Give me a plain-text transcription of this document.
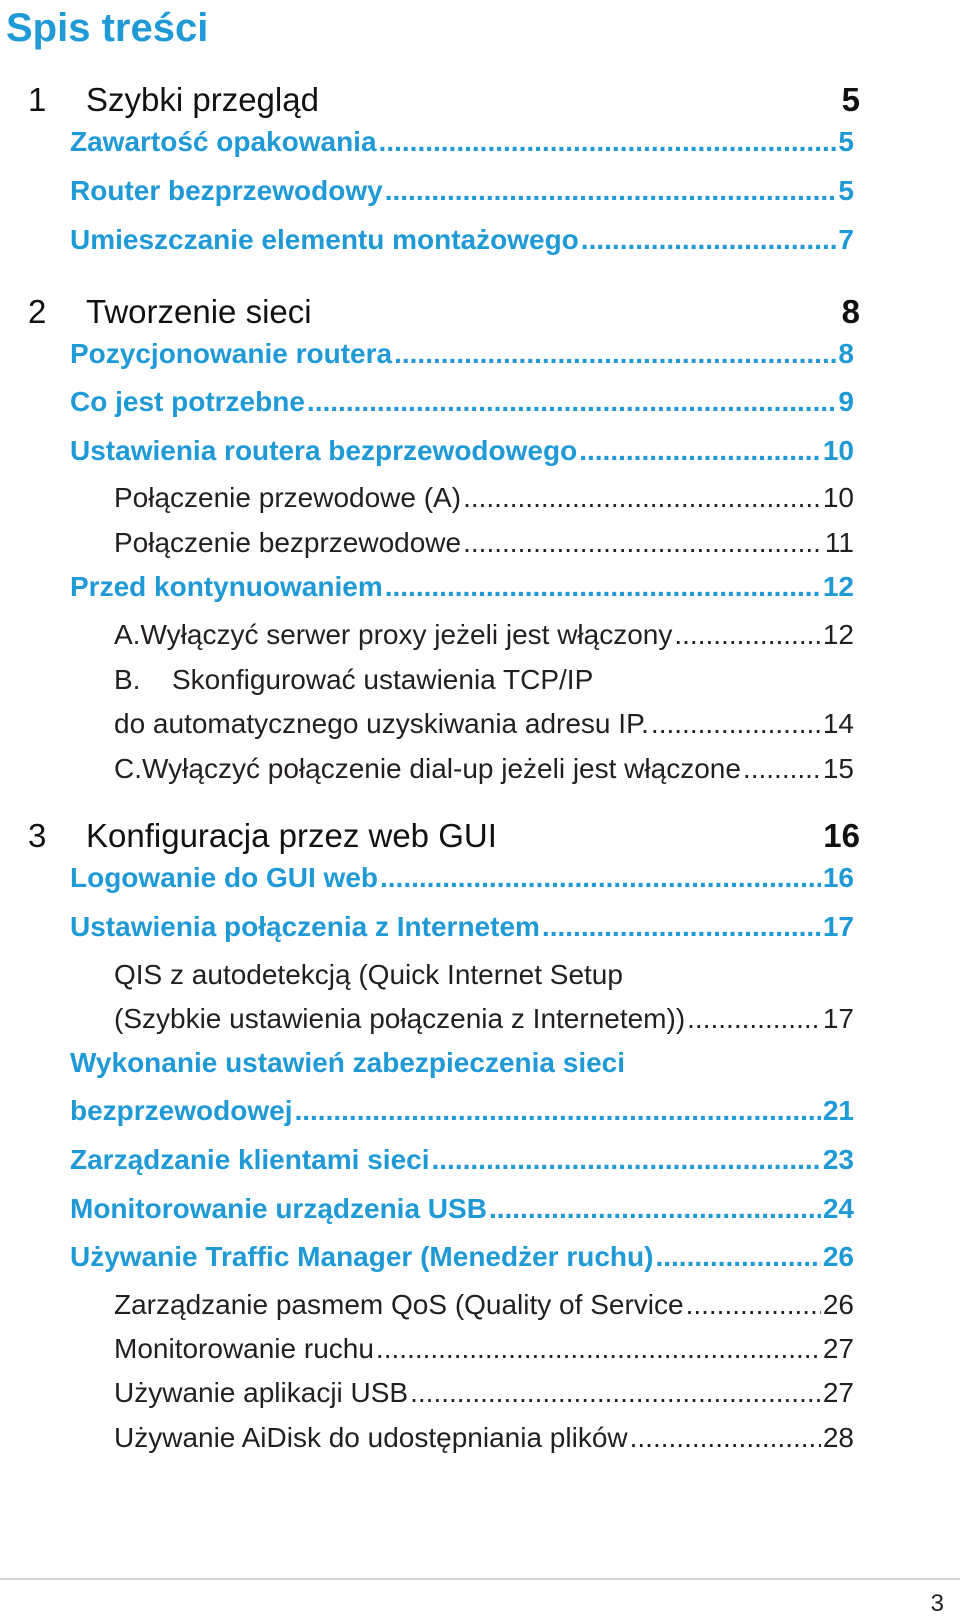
Spis treści
1	Szybki przegląd	5
Zawartość opakowania .....	5
Router bezprzewodowy .....	5
Umieszczanie elementu montażowego .....	7
2	Tworzenie sieci	8
Pozycjonowanie routera .....	8
Co jest potrzebne .....	9
Ustawienia routera bezprzewodowego .....	10
Połączenie przewodowe (A) .....	10
Połączenie bezprzewodowe .....	11
Przed kontynuowaniem .....	12
A. Wyłączyć serwer proxy jeżeli jest włączony .....	12
B.	Skonfigurować ustawienia TCP/IP
do automatycznego uzyskiwania adresu IP. .....	14
C. Wyłączyć połączenie dial-up jeżeli jest włączone .....	15
3	Konfiguracja przez web GUI	16
Logowanie do GUI web .....	16
Ustawienia połączenia z Internetem .....	17
QIS z autodetekcją (Quick Internet Setup
(Szybkie ustawienia połączenia z Internetem)) .....	17
Wykonanie ustawień zabezpieczenia sieci
bezprzewodowej .....	21
Zarządzanie klientami sieci .....	23
Monitorowanie urządzenia USB .....	24
Używanie Traffic Manager (Menedżer ruchu) .....	26
Zarządzanie pasmem QoS (Quality of Service .....	26
Monitorowanie ruchu .....	27
Używanie aplikacji USB .....	27
Używanie AiDisk do udostępniania plików .....	28
3
